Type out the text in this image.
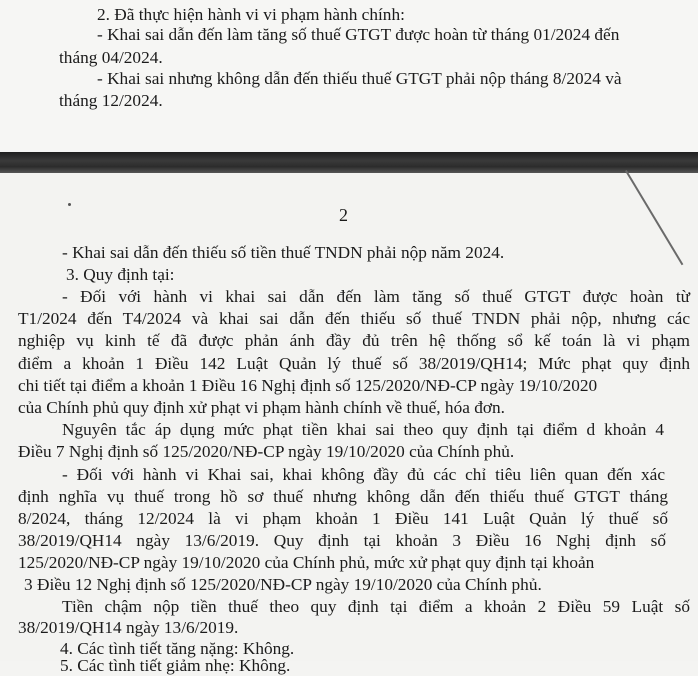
2. Đã thực hiện hành vi vi phạm hành chính:
- Khai sai dẫn đến làm tăng số thuế GTGT được hoàn từ tháng 01/2024 đến
tháng 04/2024.
- Khai sai nhưng không dẫn đến thiếu thuế GTGT phải nộp tháng 8/2024 và
tháng 12/2024.
2
- Khai sai dẫn đến thiếu số tiền thuế TNDN phải nộp năm 2024.
3. Quy định tại:
- Đối với hành vi khai sai dẫn đến làm tăng số thuế GTGT được hoàn từ
T1/2024 đến T4/2024 và khai sai dẫn đến thiếu số thuế TNDN phải nộp, nhưng các
nghiệp vụ kinh tế đã được phản ánh đầy đủ trên hệ thống sổ kế toán là vi phạm
điểm a khoản 1 Điều 142 Luật Quản lý thuế số 38/2019/QH14; Mức phạt quy định
chi tiết tại điểm a khoản 1 Điều 16 Nghị định số 125/2020/NĐ-CP ngày 19/10/2020
của Chính phủ quy định xử phạt vi phạm hành chính về thuế, hóa đơn.
Nguyên tắc áp dụng mức phạt tiền khai sai theo quy định tại điểm d khoản 4
Điều 7 Nghị định số 125/2020/NĐ-CP ngày 19/10/2020 của Chính phủ.
- Đối với hành vi Khai sai, khai không đầy đủ các chỉ tiêu liên quan đến xác
định nghĩa vụ thuế trong hồ sơ thuế nhưng không dẫn đến thiếu thuế GTGT tháng
8/2024, tháng 12/2024 là vi phạm khoản 1 Điều 141 Luật Quản lý thuế số
38/2019/QH14 ngày 13/6/2019. Quy định tại khoản 3 Điều 16 Nghị định số
125/2020/NĐ-CP ngày 19/10/2020 của Chính phủ, mức xử phạt quy định tại khoản
3 Điều 12 Nghị định số 125/2020/NĐ-CP ngày 19/10/2020 của Chính phủ.
Tiền chậm nộp tiền thuế theo quy định tại điểm a khoản 2 Điều 59 Luật số
38/2019/QH14 ngày 13/6/2019.
4. Các tình tiết tăng nặng: Không.
5. Các tình tiết giảm nhẹ: Không.
